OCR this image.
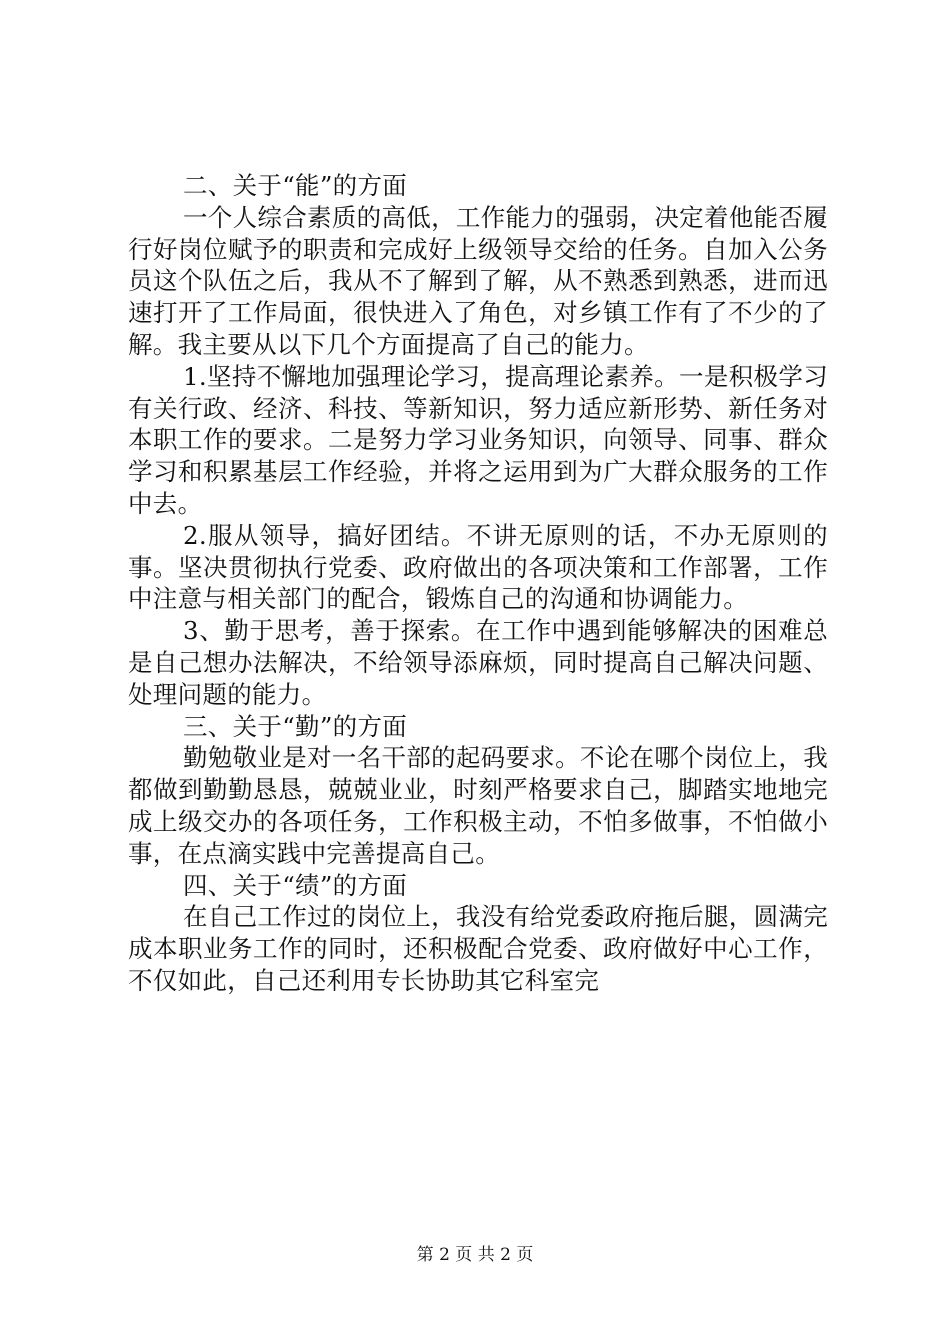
二、关于“能”的方面

一个人综合素质的高低，工作能力的强弱，决定着他能否履行好岗位赋予的职责和完成好上级领导交给的任务。自加入公务员这个队伍之后，我从不了解到了解，从不熟悉到熟悉，进而迅速打开了工作局面，很快进入了角色，对乡镇工作有了不少的了解。我主要从以下几个方面提高了自己的能力。

1.坚持不懈地加强理论学习，提高理论素养。一是积极学习有关行政、经济、科技、等新知识，努力适应新形势、新任务对本职工作的要求。二是努力学习业务知识，向领导、同事、群众学习和积累基层工作经验，并将之运用到为广大群众服务的工作中去。

2.服从领导，搞好团结。不讲无原则的话，不办无原则的事。坚决贯彻执行党委、政府做出的各项决策和工作部署，工作中注意与相关部门的配合，锻炼自己的沟通和协调能力。

3、勤于思考，善于探索。在工作中遇到能够解决的困难总是自己想办法解决，不给领导添麻烦，同时提高自己解决问题、处理问题的能力。

三、关于“勤”的方面

勤勉敬业是对一名干部的起码要求。不论在哪个岗位上，我都做到勤勤恳恳，兢兢业业，时刻严格要求自己，脚踏实地地完成上级交办的各项任务，工作积极主动，不怕多做事，不怕做小事，在点滴实践中完善提高自己。

四、关于“绩”的方面

在自己工作过的岗位上，我没有给党委政府拖后腿，圆满完成本职业务工作的同时，还积极配合党委、政府做好中心工作，不仅如此，自己还利用专长协助其它科室完

第 2 页 共 2 页
